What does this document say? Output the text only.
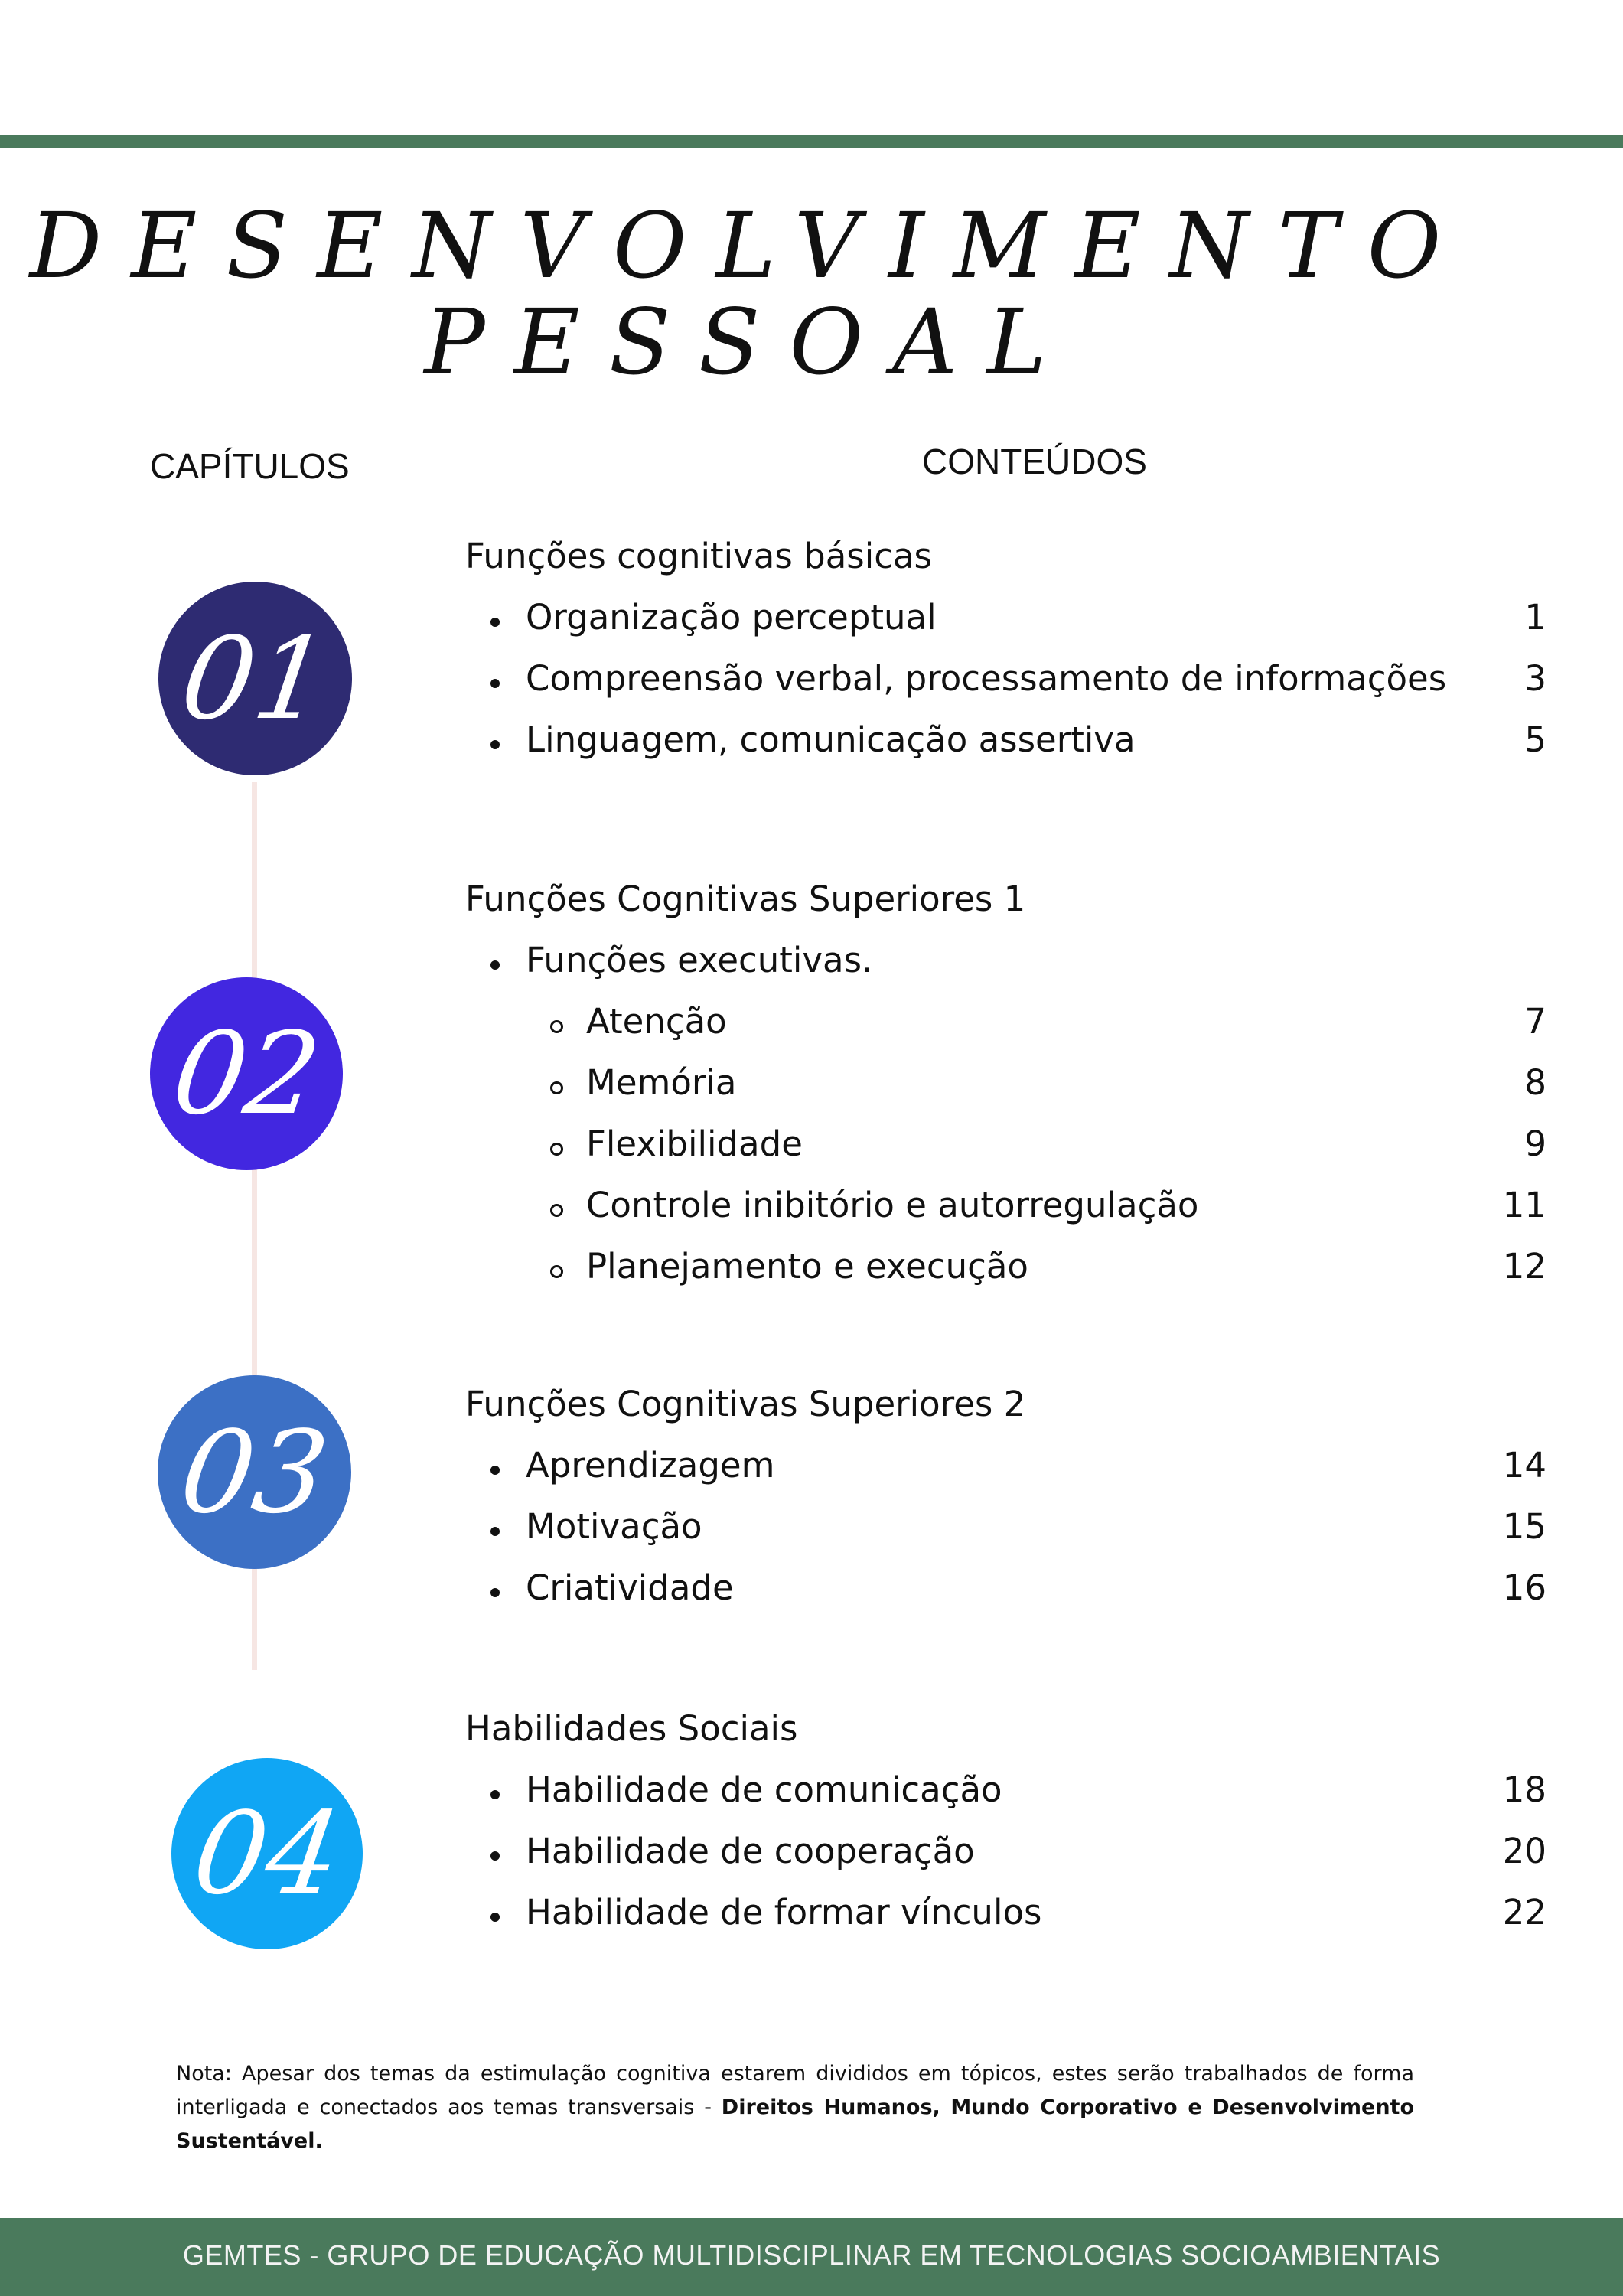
DESENVOLVIMENTO
PESSOAL
CAPÍTULOS	CONTEÚDOS
01
02
03
04
Funções cognitivas básicas
Organização perceptual	1
Compreensão verbal, processamento de informações 3
Linguagem, comunicação assertiva	5
Funções Cognitivas Superiores 1
Funções executivas.
Atenção	7
Memória	8
Flexibilidade	9
Controle inibitório e autorregulação	11
Planejamento e execução	12
Funções Cognitivas Superiores 2
Aprendizagem	14
Motivação	15
Criatividade	16
Habilidades Sociais
Habilidade de comunicação	18
Habilidade de cooperação	20
Habilidade de formar vínculos	22
Nota: Apesar dos temas da estimulação cognitiva estarem divididos em tópicos, estes serão trabalhados de forma interligada e conectados aos temas transversais - Direitos Humanos, Mundo Corporativo e Desenvolvimento Sustentável.
GEMTES - GRUPO DE EDUCAÇÃO MULTIDISCIPLINAR EM TECNOLOGIAS SOCIOAMBIENTAIS
